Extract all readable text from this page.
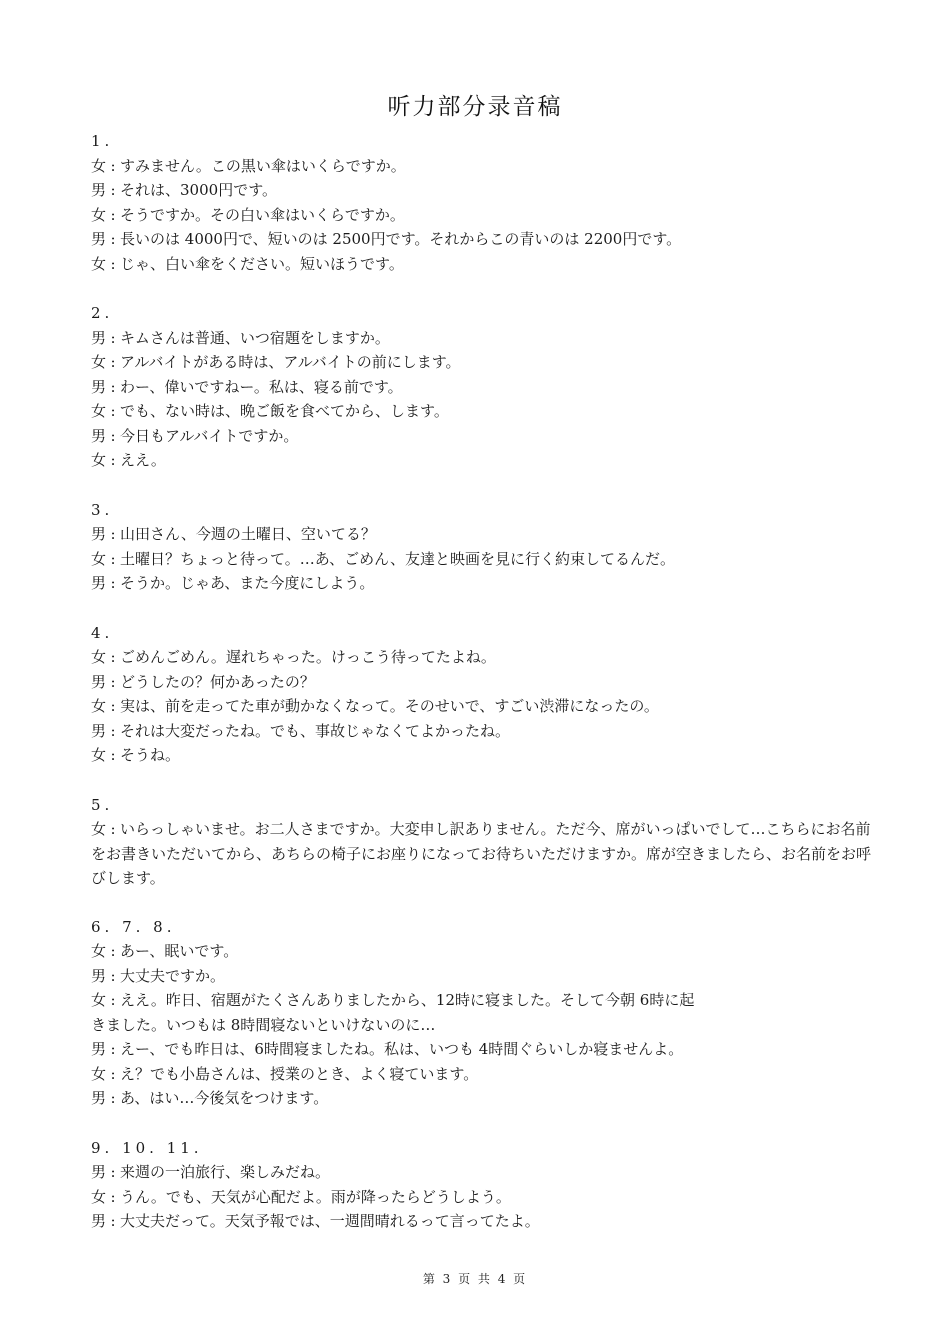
听力部分录音稿
1.
女 : すみません。この黒い傘はいくらですか。
男 : それは、3000円です。
女 : そうですか。その白い傘はいくらですか。
男 : 長いのは 4000円で、短いのは 2500円です。それからこの青いのは 2200円です。
女 : じゃ、白い傘をください。短いほうです。
2.
男 : キムさんは普通、いつ宿題をしますか。
女 : アルバイトがある時は、アルバイトの前にします。
男 : わー、偉いですねー。私は、寝る前です。
女 : でも、ない時は、晩ご飯を食べてから、します。
男 : 今日もアルバイトですか。
女 : ええ。
3.
男 : 山田さん、今週の土曜日、空いてる？
女 : 土曜日？ちょっと待って。…あ、ごめん、友達と映画を見に行く約束してるんだ。
男 : そうか。じゃあ、また今度にしよう。
4.
女 : ごめんごめん。遅れちゃった。けっこう待ってたよね。
男 : どうしたの？何かあったの？
女 : 実は、前を走ってた車が動かなくなって。そのせいで、すごい渋滞になったの。
男 : それは大変だったね。でも、事故じゃなくてよかったね。
女 : そうね。
5.
女 : いらっしゃいませ。お二人さまですか。大変申し訳ありません。ただ今、席がいっぱいでして…こちらにお名前をお書きいただいてから、あちらの椅子にお座りになってお待ちいただけますか。席が空きましたら、お名前をお呼びします。
6. 7. 8.
女 : あー、眠いです。
男 : 大丈夫ですか。
女 : ええ。昨日、宿題がたくさんありましたから、12時に寝ました。そして今朝 6時に起
きました。いつもは 8時間寝ないといけないのに…
男 : えー、でも昨日は、6時間寝ましたね。私は、いつも 4時間ぐらいしか寝ませんよ。
女 : え？でも小島さんは、授業のとき、よく寝ています。
男 : あ、はい…今後気をつけます。
9. 10. 11.
男 : 来週の一泊旅行、楽しみだね。
女 : うん。でも、天気が心配だよ。雨が降ったらどうしよう。
男 : 大丈夫だって。天気予報では、一週間晴れるって言ってたよ。
第 3 页 共 4 页
